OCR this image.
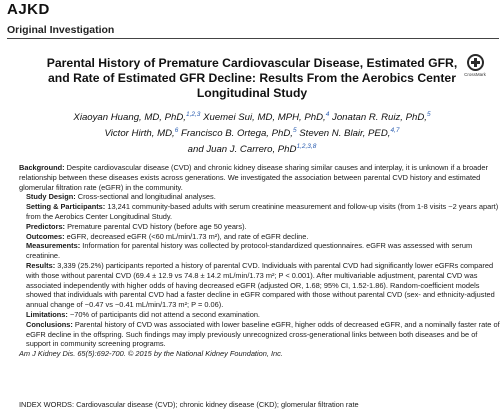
AJKD
Original Investigation
Parental History of Premature Cardiovascular Disease, Estimated GFR, and Rate of Estimated GFR Decline: Results From the Aerobics Center Longitudinal Study
CrossMark
Xiaoyan Huang, MD, PhD,$^{1,2,3}$ Xuemei Sui, MD, MPH, PhD,$^4$ Jonatan R. Ruiz, PhD,$^5$
Victor Hirth, MD,$^6$ Francisco B. Ortega, PhD,$^5$ Steven N. Blair, PED,$^{4,7}$
and Juan J. Carrero, PhD$^{1,2,3,8}$

Background: Despite cardiovascular disease (CVD) and chronic kidney disease sharing similar causes and interplay, it is unknown if a broader relationship between these diseases exists across generations. We investigated the association between parental CVD history and estimated glomerular filtration rate (eGFR) in the community.

Study Design: Cross-sectional and longitudinal analyses.

Setting & Participants: 13,241 community-based adults with serum creatinine measurement and follow-up visits (from 1-8 visits ~2 years apart) from the Aerobics Center Longitudinal Study.

Predictors: Premature parental CVD history (before age 50 years).

Outcomes: eGFR, decreased eGFR (<60 mL/min/1.73 m²), and rate of eGFR decline.

Measurements: Information for parental history was collected by protocol-standardized questionnaires. eGFR was assessed with serum creatinine.

Results: 3,339 (25.2%) participants reported a history of parental CVD. Individuals with parental CVD had significantly lower eGFRs compared with those without parental CVD (69.4 ± 12.9 vs 74.8 ± 14.2 mL/min/1.73 m²; P < 0.001). After multivariable adjustment, parental CVD was associated independently with higher odds of having decreased eGFR (adjusted OR, 1.68; 95% CI, 1.52-1.86). Random-coefficient models showed that individuals with parental CVD had a faster decline in eGFR compared with those without parental CVD (sex- and ethnicity-adjusted annual change of −0.47 vs −0.41 mL/min/1.73 m²; P = 0.06).

Limitations: ~70% of participants did not attend a second examination.

Conclusions: Parental history of CVD was associated with lower baseline eGFR, higher odds of decreased eGFR, and a nominally faster rate of eGFR decline in the offspring. Such findings may imply previously unrecognized cross-generational links between both diseases and be of support in community screening programs.

Am J Kidney Dis. 65(5):692-700. © 2015 by the National Kidney Foundation, Inc.

INDEX WORDS: Cardiovascular disease (CVD); chronic kidney disease (CKD); glomerular filtration rate
